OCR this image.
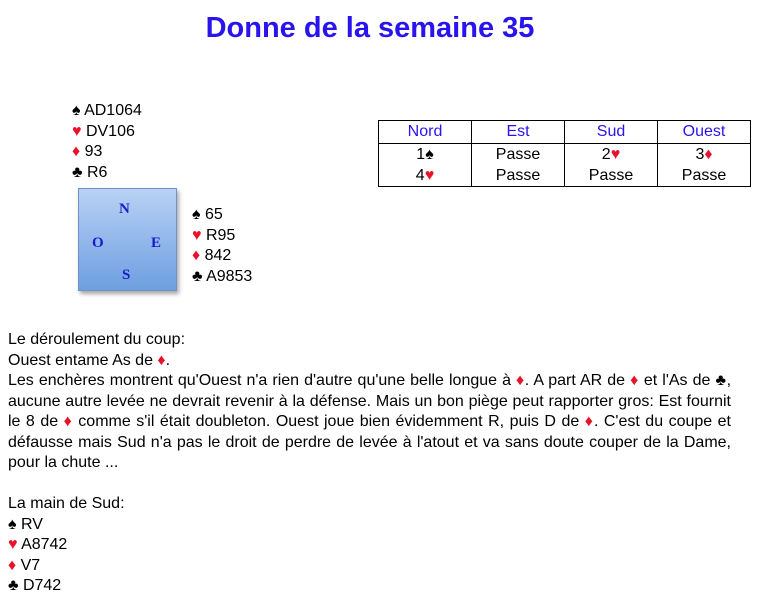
Donne de la semaine 35
♠ AD1064
♥ DV106
♦ 93
♣ R6
N
O	E
S
♠ 65
♥ R95
♦ 842
♣ A9853
Nord	Est	Sud	Ouest
1♠	Passe	2♥	3♦
4♥	Passe	Passe	Passe

Le déroulement du coup:

Ouest entame As de ♦.

Les enchères montrent qu'Ouest n'a rien d'autre qu'une belle longue à ♦. A part AR de ♦ et l'As de ♣, aucune autre levée ne devrait revenir à la défense. Mais un bon piège peut rapporter gros: Est fournit le 8 de ♦ comme s'il était doubleton. Ouest joue bien évidemment R, puis D de ♦. C'est du coupe et défausse mais Sud n'a pas le droit de perdre de levée à l'atout et va sans doute couper de la Dame, pour la chute ...

La main de Sud:

♠ RV
♥ A8742
♦ V7
♣ D742
